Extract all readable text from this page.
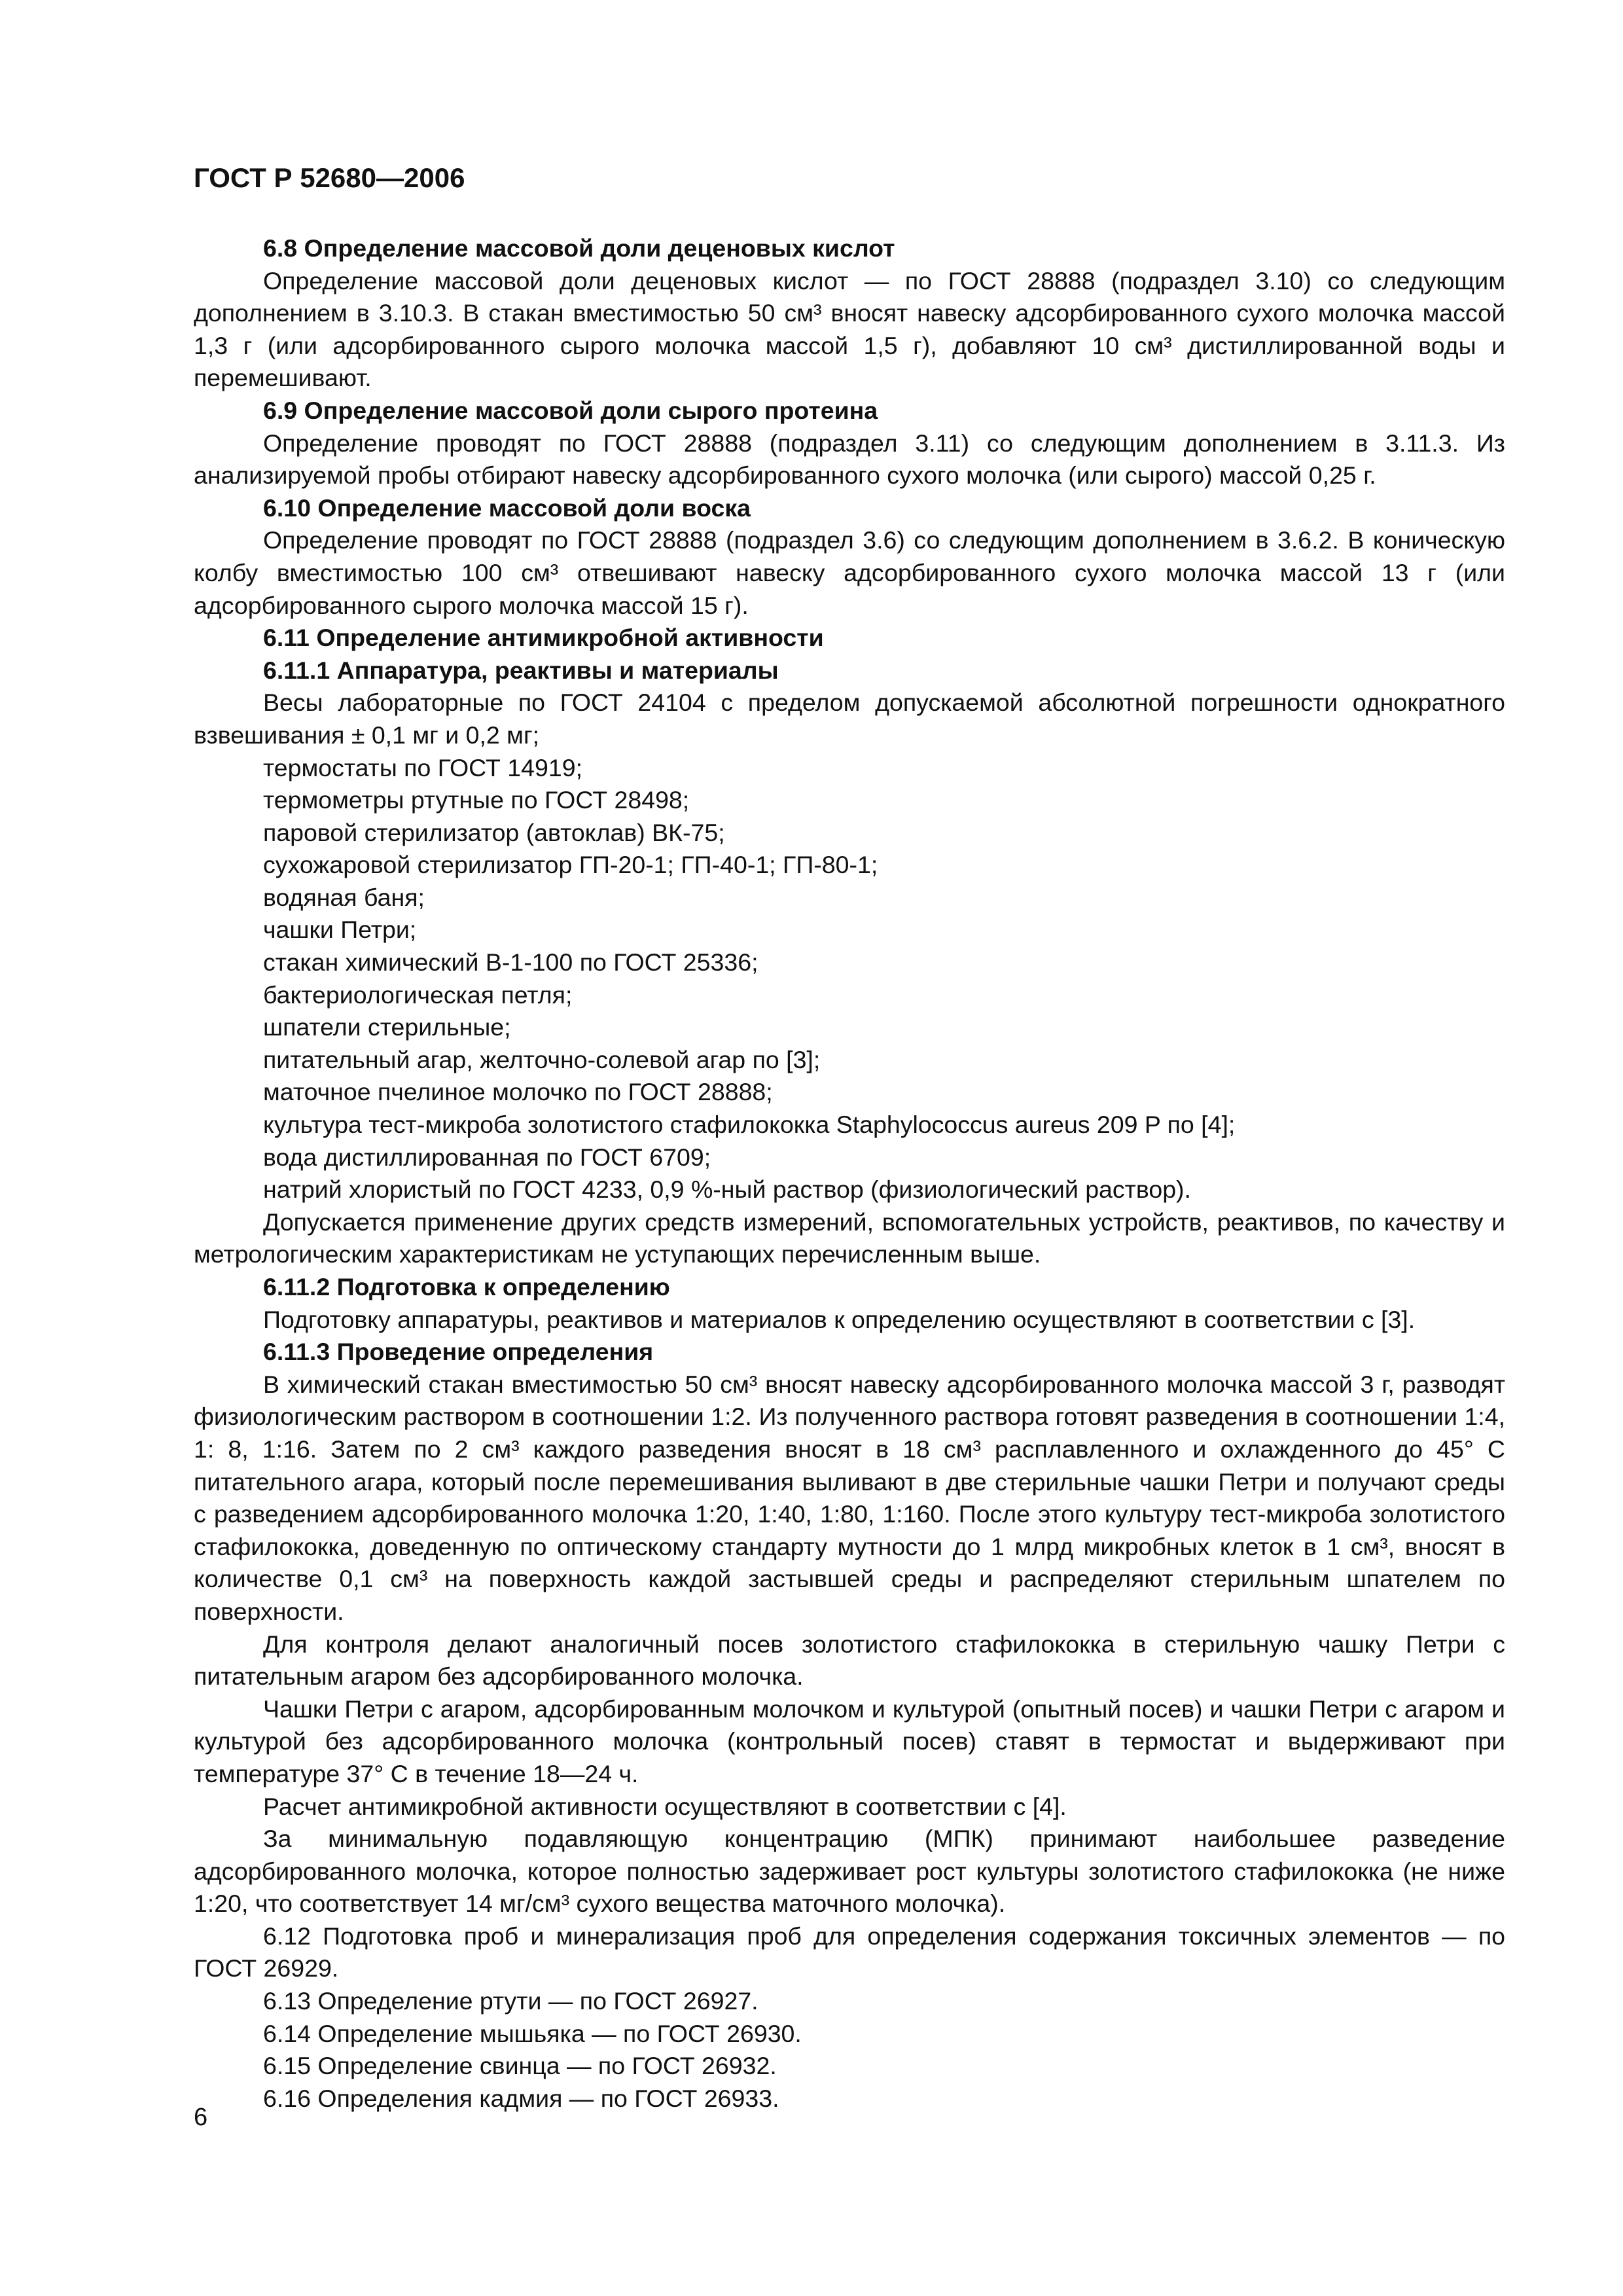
ГОСТ Р 52680—2006
6.8 Определение массовой доли деценовых кислот
Определение массовой доли деценовых кислот — по ГОСТ 28888 (подраздел 3.10) со следующим дополнением в 3.10.3. В стакан вместимостью 50 см³ вносят навеску адсорбированного сухого молочка массой 1,3 г (или адсорбированного сырого молочка массой 1,5 г), добавляют 10 см³ дистиллированной воды и перемешивают.
6.9 Определение массовой доли сырого протеина
Определение проводят по ГОСТ 28888 (подраздел 3.11) со следующим дополнением в 3.11.3. Из анализируемой пробы отбирают навеску адсорбированного сухого молочка (или сырого) массой 0,25 г.
6.10 Определение массовой доли воска
Определение проводят по ГОСТ 28888 (подраздел 3.6) со следующим дополнением в 3.6.2. В коническую колбу вместимостью 100 см³ отвешивают навеску адсорбированного сухого молочка массой 13 г (или адсорбированного сырого молочка массой 15 г).
6.11 Определение антимикробной активности
6.11.1 Аппаратура, реактивы и материалы
Весы лабораторные по ГОСТ 24104 с пределом допускаемой абсолютной погрешности однократного взвешивания ± 0,1 мг и 0,2 мг;
термостаты по ГОСТ 14919;
термометры ртутные по ГОСТ 28498;
паровой стерилизатор (автоклав) ВК-75;
сухожаровой стерилизатор ГП-20-1; ГП-40-1; ГП-80-1;
водяная баня;
чашки Петри;
стакан химический В-1-100 по ГОСТ 25336;
бактериологическая петля;
шпатели стерильные;
питательный агар, желточно-солевой агар по [3];
маточное пчелиное молочко по ГОСТ 28888;
культура тест-микроба золотистого стафилококка Staphylococcus aureus 209 P по [4];
вода дистиллированная по ГОСТ 6709;
натрий хлористый по ГОСТ 4233, 0,9 %-ный раствор (физиологический раствор).
Допускается применение других средств измерений, вспомогательных устройств, реактивов, по качеству и метрологическим характеристикам не уступающих перечисленным выше.
6.11.2 Подготовка к определению
Подготовку аппаратуры, реактивов и материалов к определению осуществляют в соответствии с [3].
6.11.3 Проведение определения
В химический стакан вместимостью 50 см³ вносят навеску адсорбированного молочка массой 3 г, разводят физиологическим раствором в соотношении 1:2. Из полученного раствора готовят разведения в соотношении 1:4, 1: 8, 1:16. Затем по 2 см³ каждого разведения вносят в 18 см³ расплавленного и охлажденного до 45° С питательного агара, который после перемешивания выливают в две стерильные чашки Петри и получают среды с разведением адсорбированного молочка 1:20, 1:40, 1:80, 1:160. После этого культуру тест-микроба золотистого стафилококка, доведенную по оптическому стандарту мутности до 1 млрд микробных клеток в 1 см³, вносят в количестве 0,1 см³ на поверхность каждой застывшей среды и распределяют стерильным шпателем по поверхности.
Для контроля делают аналогичный посев золотистого стафилококка в стерильную чашку Петри с питательным агаром без адсорбированного молочка.
Чашки Петри с агаром, адсорбированным молочком и культурой (опытный посев) и чашки Петри с агаром и культурой без адсорбированного молочка (контрольный посев) ставят в термостат и выдерживают при температуре 37° С в течение 18—24 ч.
Расчет антимикробной активности осуществляют в соответствии с [4].
За минимальную подавляющую концентрацию (МПК) принимают наибольшее разведение адсорбированного молочка, которое полностью задерживает рост культуры золотистого стафилококка (не ниже 1:20, что соответствует 14 мг/см³ сухого вещества маточного молочка).
6.12 Подготовка проб и минерализация проб для определения содержания токсичных элементов — по ГОСТ 26929.
6.13 Определение ртути — по ГОСТ 26927.
6.14 Определение мышьяка — по ГОСТ 26930.
6.15 Определение свинца — по ГОСТ 26932.
6.16 Определения кадмия — по ГОСТ 26933.
6
